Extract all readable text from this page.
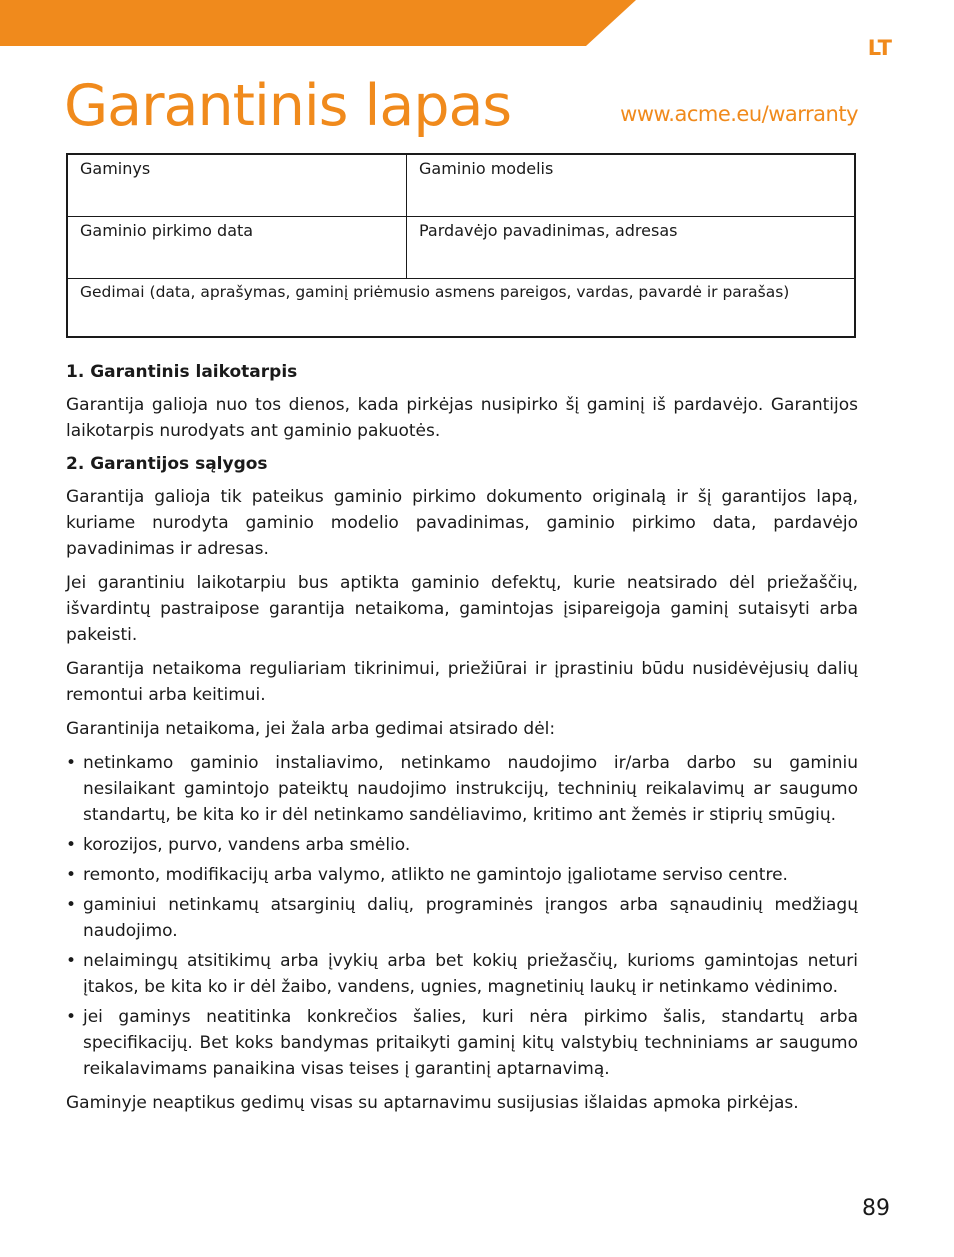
LT
Garantinis lapas	www.acme.eu/warranty
Gaminys	Gaminio modelis
Gaminio pirkimo data	Pardavėjo pavadinimas, adresas
Gedimai (data, aprašymas, gaminį priėmusio asmens pareigos, vardas, pavardė ir parašas)
1. Garantinis laikotarpis

Garantija galioja nuo tos dienos, kada pirkėjas nusipirko šį gaminį iš pardavėjo. Garantijos laikotarpis nurodyats ant gaminio pakuotės.

2. Garantijos sąlygos

Garantija galioja tik pateikus gaminio pirkimo dokumento originalą ir šį garantijos lapą, kuriame nurodyta gaminio modelio pavadinimas, gaminio pirkimo data, pardavėjo pavadinimas ir adresas.

Jei garantiniu laikotarpiu bus aptikta gaminio defektų, kurie neatsirado dėl priežaščių, išvardintų pastraipose garantija netaikoma, gamintojas įsipareigoja gaminį sutaisyti arba pakeisti.

Garantija netaikoma reguliariam tikrinimui, priežiūrai ir įprastiniu būdu nusidėvėjusių dalių remontui arba keitimui.

Garantinija netaikoma, jei žala arba gedimai atsirado dėl:

• netinkamo gaminio instaliavimo, netinkamo naudojimo ir/arba darbo su gaminiu nesilaikant gamintojo pateiktų naudojimo instrukcijų, techninių reikalavimų ar saugumo standartų, be kita ko ir dėl netinkamo sandėliavimo, kritimo ant žemės ir stiprių smūgių.
• korozijos, purvo, vandens arba smėlio.
• remonto, modifikacijų arba valymo, atlikto ne gamintojo įgaliotame serviso centre.
• gaminiui netinkamų atsarginių dalių, programinės įrangos arba sąnaudinių medžiagų naudojimo.
• nelaimingų atsitikimų arba įvykių arba bet kokių priežasčių, kurioms gamintojas neturi įtakos, be kita ko ir dėl žaibo, vandens, ugnies, magnetinių laukų ir netinkamo vėdinimo.
• jei gaminys neatitinka konkrečios šalies, kuri nėra pirkimo šalis, standartų arba specifikacijų. Bet koks bandymas pritaikyti gaminį kitų valstybių techniniams ar saugumo reikalavimams panaikina visas teises į garantinį aptarnavimą.

Gaminyje neaptikus gedimų visas su aptarnavimu susijusias išlaidas apmoka pirkėjas.

89
